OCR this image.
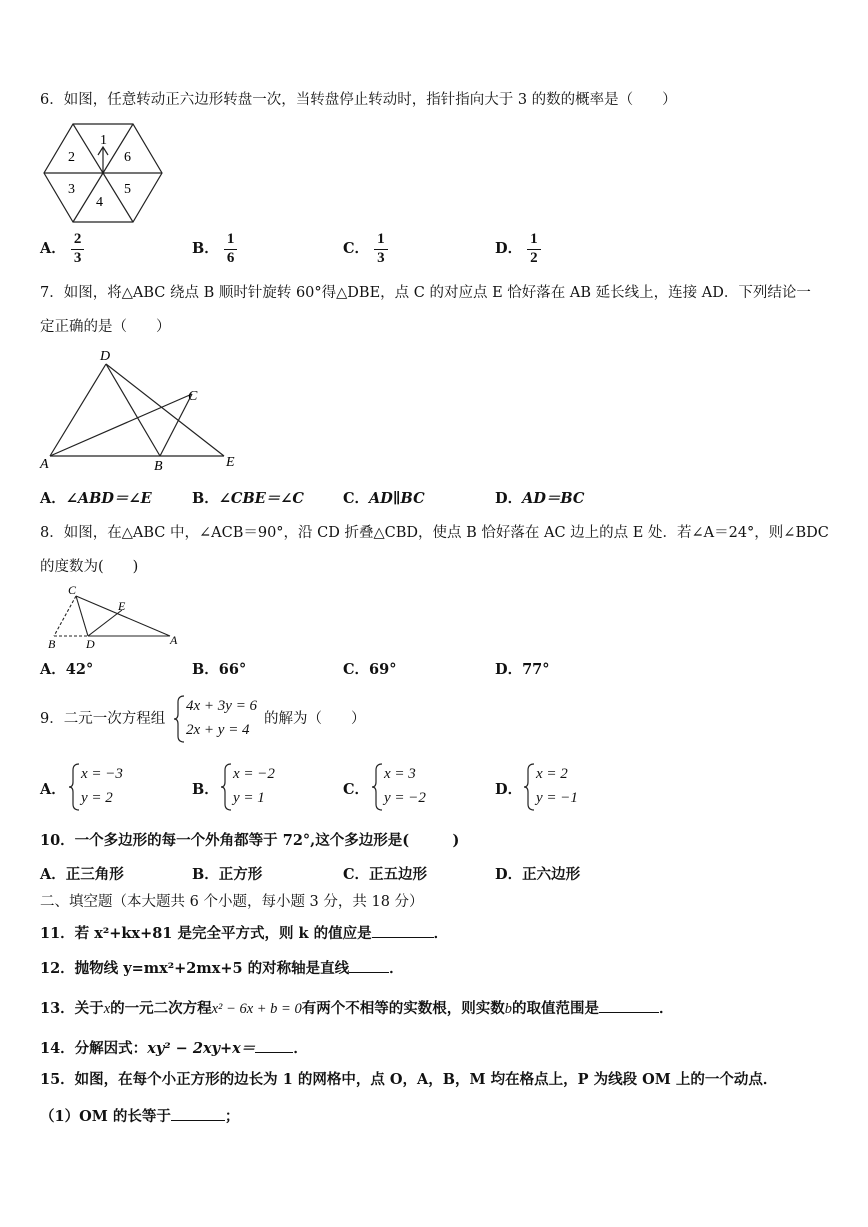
6．如图，任意转动正六边形转盘一次，当转盘停止转动时，指针指向大于 3 的数的概率是（　　）
1
6
5
4
3
2
A． $\frac{2}{3}$	B． $\frac{1}{6}$	C． $\frac{1}{3}$	D． $\frac{1}{2}$
7．如图，将△ABC 绕点 B 顺时针旋转 60°得△DBE，点 C 的对应点 E 恰好落在 AB 延长线上，连接 AD．下列结论一
定正确的是（　　）
D
C
A	B	E
A．∠ABD＝∠E	B．∠CBE＝∠C	C．AD∥BC	D．AD＝BC
8．如图，在△ABC 中，∠ACB＝90°，沿 CD 折叠△CBD，使点 B 恰好落在 AC 边上的点 E 处．若∠A＝24°，则∠BDC
的度数为(　　)
C
E
B	D	A
A．42°	B．66°	C．69°	D．77°
9．二元一次方程组
4x + 3y = 6
2x + y = 4
的解为（　　）
A．
x = −3
y = 2	B．
x = −2
y = 1	C．
x = 3
y = −2	D．
x = 2
y = −1
10．一个多边形的每一个外角都等于 72°,这个多边形是(　　　)
A．正三角形	B．正方形	C．正五边形	D．正六边形
二、填空题（本大题共 6 个小题，每小题 3 分，共 18 分）
11．若 x²+kx+81 是完全平方式，则 k 的值应是	．
12．抛物线 y=mx²+2mx+5 的对称轴是直线	．
13．关于x的一元二次方程x² − 6x + b = 0有两个不相等的实数根，则实数b的取值范围是	．
14．分解因式：xy² − 2xy+x＝	．
15．如图，在每个小正方形的边长为 1 的网格中，点 O，A，B，M 均在格点上，P 为线段 OM 上的一个动点．
（1）OM 的长等于	；
